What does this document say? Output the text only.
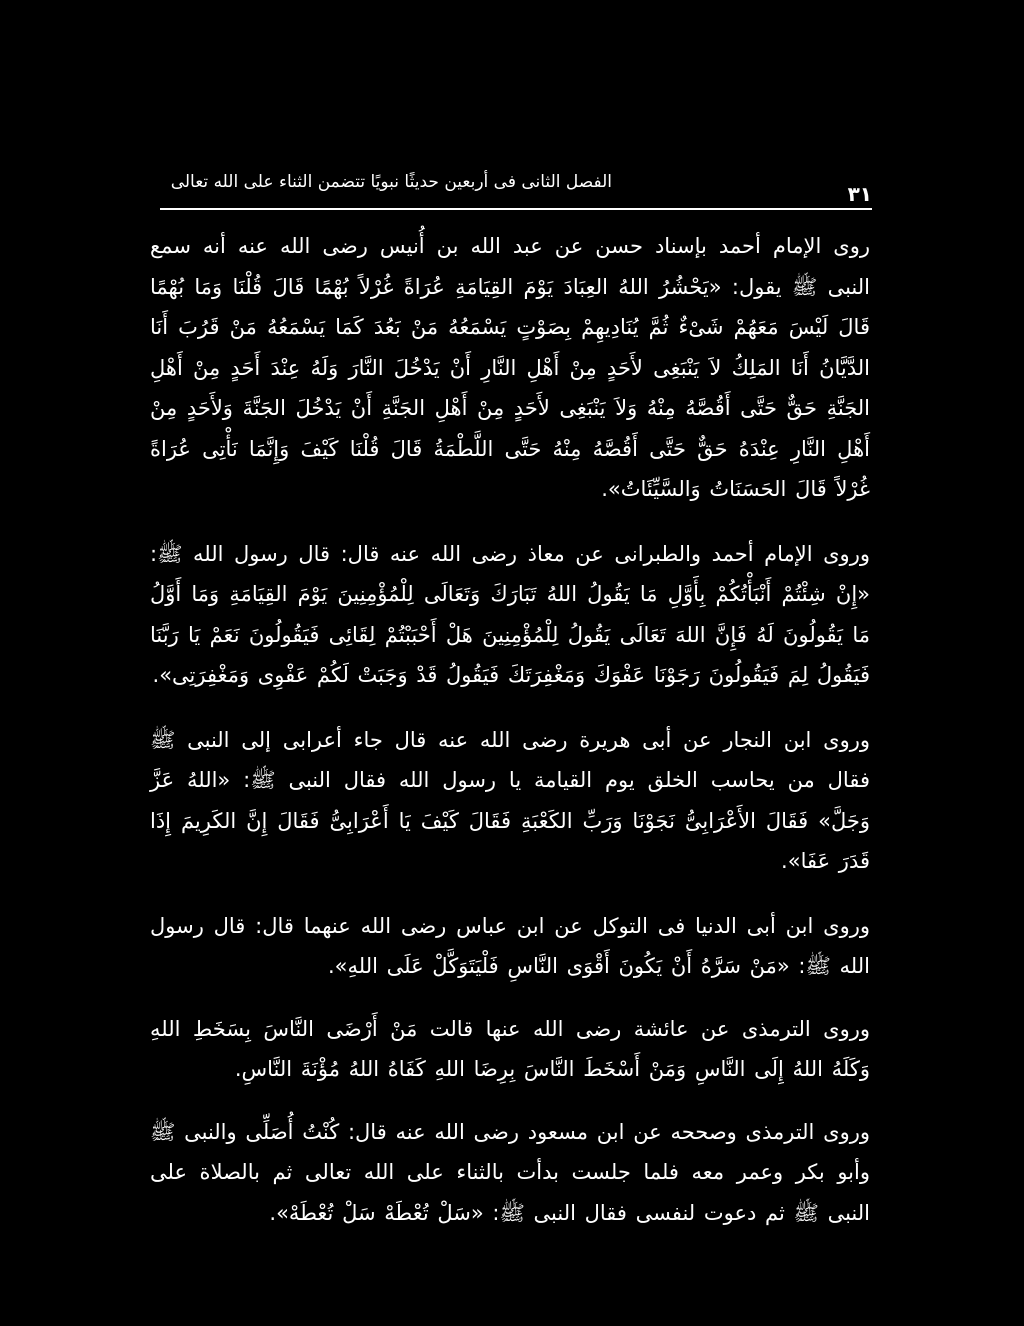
٣١
الفصل الثانى فى أربعين حديثًا نبويًا تتضمن الثناء على الله تعالى

روى الإمام أحمد بإسناد حسن عن عبد الله بن أُنيس رضى الله عنه أنه سمع النبى ﷺ يقول: «يَحْشُرُ اللهُ العِبَادَ يَوْمَ القِيَامَةِ عُرَاةً غُرْلاً بُهْمًا قَالَ قُلْنَا وَمَا بُهْمًا قَالَ لَيْسَ مَعَهُمْ شَىْءٌ ثُمَّ يُنَادِيهِمْ بِصَوْتٍ يَسْمَعُهُ مَنْ بَعُدَ كَمَا يَسْمَعُهُ مَنْ قَرُبَ أَنَا الدَّيَّانُ أَنَا المَلِكُ لاَ يَنْبَغِى لأَحَدٍ مِنْ أَهْلِ النَّارِ أَنْ يَدْخُلَ النَّارَ وَلَهُ عِنْدَ أَحَدٍ مِنْ أَهْلِ الجَنَّةِ حَقٌّ حَتَّى أَقُصَّهُ مِنْهُ وَلاَ يَنْبَغِى لأَحَدٍ مِنْ أَهْلِ الجَنَّةِ أَنْ يَدْخُلَ الجَنَّةَ وَلأَحَدٍ مِنْ أَهْلِ النَّارِ عِنْدَهُ حَقٌّ حَتَّى أَقُصَّهُ مِنْهُ حَتَّى اللَّطْمَةُ قَالَ قُلْنَا كَيْفَ وَإِنَّمَا نَأْتِى عُرَاةً غُرْلاً قَالَ الحَسَنَاتُ وَالسَّيِّئَاتُ».

وروى الإمام أحمد والطبرانى عن معاذ رضى الله عنه قال: قال رسول الله ﷺ: «إِنْ شِئْتُمْ أَنْبَأْتُكُمْ بِأَوَّلِ مَا يَقُولُ اللهُ تَبَارَكَ وَتَعَالَى لِلْمُؤْمِنِينَ يَوْمَ القِيَامَةِ وَمَا أَوَّلُ مَا يَقُولُونَ لَهُ فَإِنَّ اللهَ تَعَالَى يَقُولُ لِلْمُؤْمِنِينَ هَلْ أَحْبَبْتُمْ لِقَائِى فَيَقُولُونَ نَعَمْ يَا رَبَّنَا فَيَقُولُ لِمَ فَيَقُولُونَ رَجَوْنَا عَفْوَكَ وَمَغْفِرَتَكَ فَيَقُولُ قَدْ وَجَبَتْ لَكُمْ عَفْوِى وَمَغْفِرَتِى».

وروى ابن النجار عن أبى هريرة رضى الله عنه قال جاء أعرابى إلى النبى ﷺ فقال من يحاسب الخلق يوم القيامة يا رسول الله فقال النبى ﷺ: «اللهُ عَزَّ وَجَلَّ» فَقَالَ الأَعْرَابِىُّ نَجَوْنَا وَرَبِّ الكَعْبَةِ فَقَالَ كَيْفَ يَا أَعْرَابِىُّ فَقَالَ إِنَّ الكَرِيمَ إِذَا قَدَرَ عَفَا».

وروى ابن أبى الدنيا فى التوكل عن ابن عباس رضى الله عنهما قال: قال رسول الله ﷺ: «مَنْ سَرَّهُ أَنْ يَكُونَ أَقْوَى النَّاسِ فَلْيَتَوَكَّلْ عَلَى اللهِ».

وروى الترمذى عن عائشة رضى الله عنها قالت مَنْ أَرْضَى النَّاسَ بِسَخَطِ اللهِ وَكَلَهُ اللهُ إِلَى النَّاسِ وَمَنْ أَسْخَطَ النَّاسَ بِرِضَا اللهِ كَفَاهُ اللهُ مُؤْنَةَ النَّاسِ.

وروى الترمذى وصححه عن ابن مسعود رضى الله عنه قال: كُنْتُ أُصَلِّى والنبى ﷺ وأبو بكر وعمر معه فلما جلست بدأت بالثناء على الله تعالى ثم بالصلاة على النبى ﷺ ثم دعوت لنفسى فقال النبى ﷺ: «سَلْ تُعْطَهْ سَلْ تُعْطَهْ».
